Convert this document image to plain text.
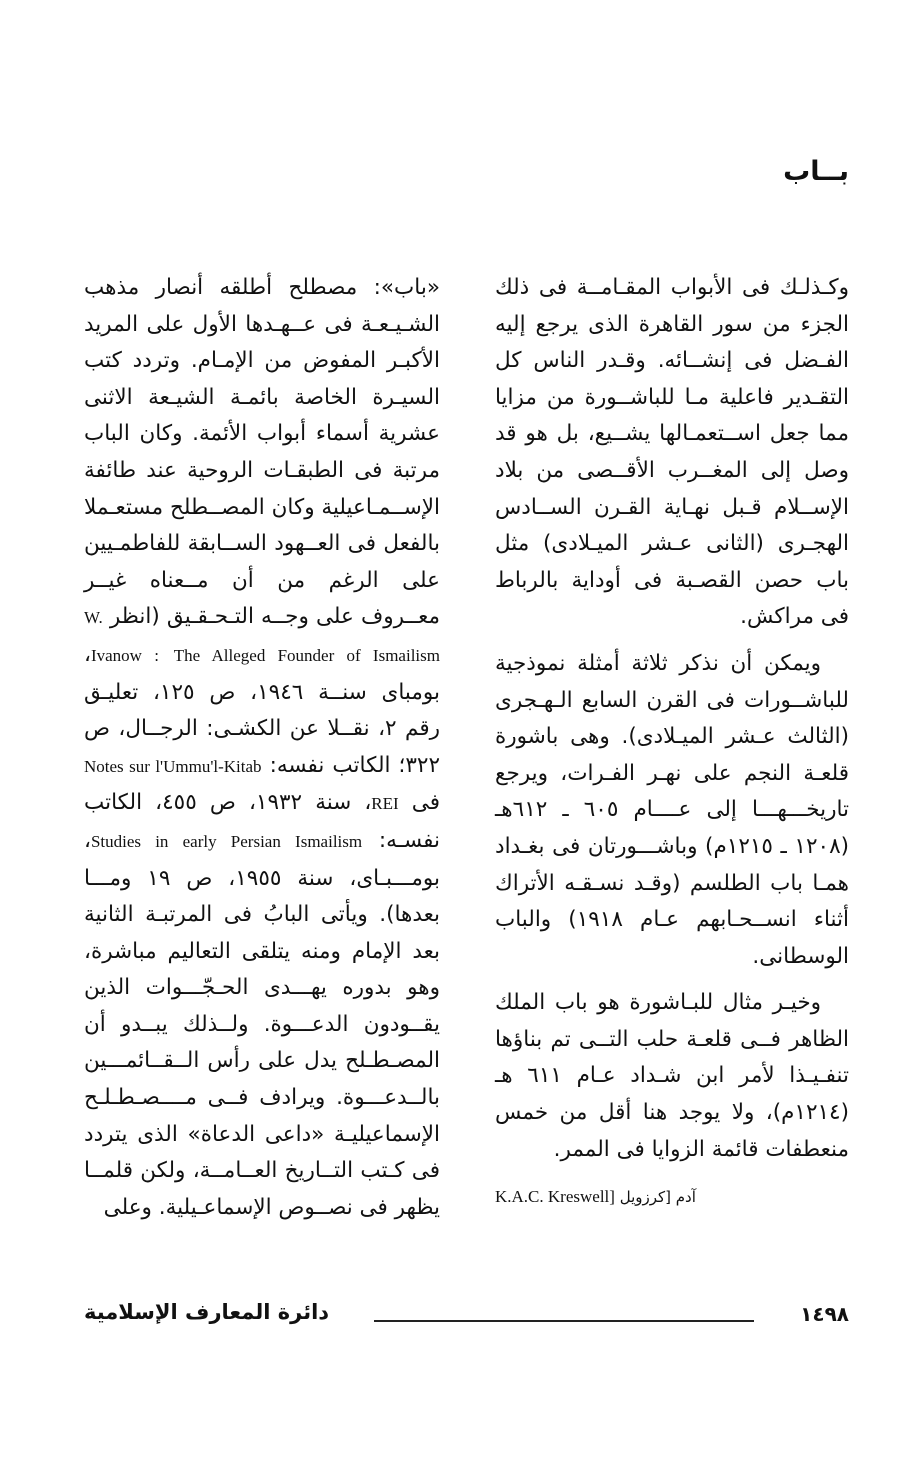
بــاب

وكـذلـك فى الأبواب المقـامــة فى ذلك الجزء من سور القاهرة الذى يرجع إليه الفـضل فى إنشــائه. وقـدر الناس كل التقـدير فاعلية مـا للباشــورة من مزايا مما جعل اســتعمـالها يشــيع، بل هو قد وصل إلى المغــرب الأقــصى من بلاد الإســلام قـبل نهـاية القـرن الســادس الهجـرى (الثانى عـشر الميـلادى) مثل باب حصن القصـبة فى أوداية بالرباط فى مراكش.

ويمكن أن نذكر ثلاثة أمثلة نموذجية للباشــورات فى القرن السابع الـهـجرى (الثالث عـشر الميـلادى). وهى باشورة قلعـة النجم على نهـر الفـرات، ويرجع تاريخـــهـــا إلى عــــام ٦٠٥ ـ ٦١٢هـ (١٢٠٨ ـ ١٢١٥م) وباشـــورتان فى بغـداد همـا باب الطلسم (وقـد نسـقـه الأتراك أثناء انســحـابهم عـام ١٩١٨) والباب الوسطانى.

وخيـر مثال للبـاشورة هو باب الملك الظاهر فــى قلعـة حلب التــى تم بناؤها تنفـيـذا لأمر ابن شـداد عـام ٦١١ هـ (١٢١٤م)، ولا يوجد هنا أقل من خمس منعطفات قائمة الزوايا فى الممر.

آدم [كرزويل K.A.C. Kreswell]

«باب»: مصطلح أطلقه أنصار مذهب الشـيـعـة فى عــهـدها الأول على المريد الأكبـر المفوض من الإمـام. وتردد كتب السيـرة الخاصة بائمـة الشيـعة الاثنى عشرية أسماء أبواب الأئمة. وكان الباب مرتبة فى الطبقـات الروحية عند طائفة الإســمـاعيلية وكان المصــطلح مستعـملا بالفعل فى العــهود الســابقة للفاطمـيين على الرغم من أن مــعناه غيــر معــروف على وجــه التـحـقـيق (انظر W. Ivanow : The Alleged Founder of Ismailism، بومباى سنــة ١٩٤٦، ص ١٢٥، تعليـق رقم ٢، نقــلا عن الكشـى: الرجــال، ص ٣٢٢؛ الكاتب نفسه: Notes sur l'Ummu'l-Kitab فى REI، سنة ١٩٣٢، ص ٤٥٥، الكاتب نفسـه: Studies in early Persian Ismailism، بومـــبـاى، سنة ١٩٥٥، ص ١٩ ومـــا بعدها). ويأتى البابُ فى المرتبـة الثانية بعد الإمام ومنه يتلقى التعاليم مباشرة، وهو بدوره يهـــدى الحـجّـــوات الذين يقــودون الدعـــوة. ولــذلك يبــدو أن المصـطـلح يدل على رأس الــقــائمـــين بالــدعـــوة. ويرادف فــى مــــصـطـلـح الإسماعيليـة «داعى الدعاة» الذى يتردد فى كـتب التــاريخ العــامــة، ولكن قلمــا يظهر فى نصــوص الإسماعـيلية. وعلى

١٤٩٨
دائرة المعارف الإسلامية
